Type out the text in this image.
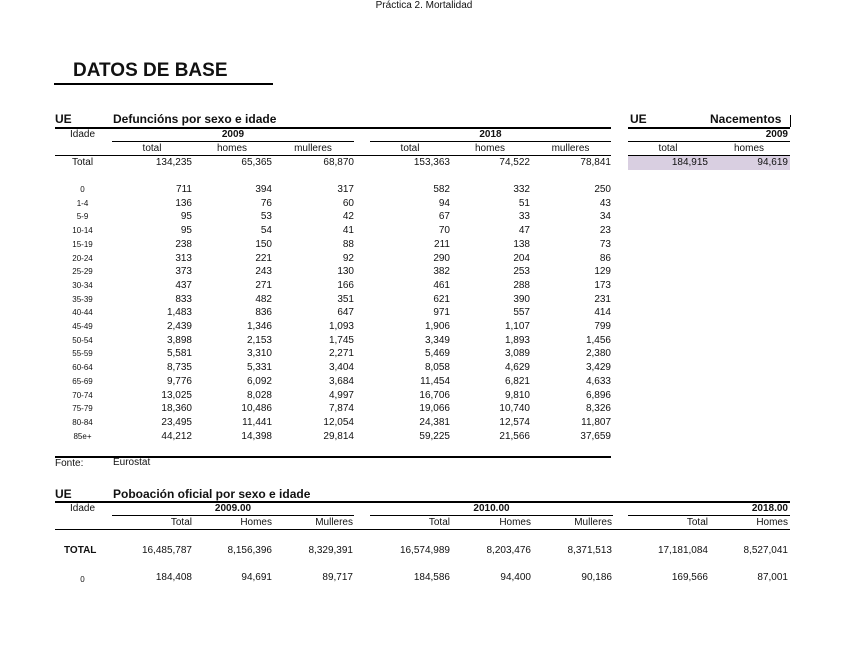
Práctica 2. Mortalidad
DATOS DE BASE
UE	Defuncións por sexo e idade
Idade	2009	2018
total	homes	mulleres	total	homes	mulleres
Total	134,235	65,365	68,870	153,363	74,522	78,841
0	711	394	317	582	332	250
1-4	136	76	60	94	51	43
5-9	95	53	42	67	33	34
10-14	95	54	41	70	47	23
15-19	238	150	88	211	138	73
20-24	313	221	92	290	204	86
25-29	373	243	130	382	253	129
30-34	437	271	166	461	288	173
35-39	833	482	351	621	390	231
40-44	1,483	836	647	971	557	414
45-49	2,439	1,346	1,093	1,906	1,107	799
50-54	3,898	2,153	1,745	3,349	1,893	1,456
55-59	5,581	3,310	2,271	5,469	3,089	2,380
60-64	8,735	5,331	3,404	8,058	4,629	3,429
65-69	9,776	6,092	3,684	11,454	6,821	4,633
70-74	13,025	8,028	4,997	16,706	9,810	6,896
75-79	18,360	10,486	7,874	19,066	10,740	8,326
80-84	23,495	11,441	12,054	24,381	12,574	11,807
85e+	44,212	14,398	29,814	59,225	21,566	37,659
Fonte:	Eurostat
UE	Nacementos
2009
total	homes
184,915	94,619
UE	Poboación oficial por sexo e idade
Idade	2009.00	2010.00	2018.00
Total	Homes	Mulleres	Total	Homes	Mulleres	Total	Homes
TOTAL	16,485,787	8,156,396	8,329,391	16,574,989	8,203,476	8,371,513	17,181,084	8,527,041
0	184,408	94,691	89,717	184,586	94,400	90,186	169,566	87,001
